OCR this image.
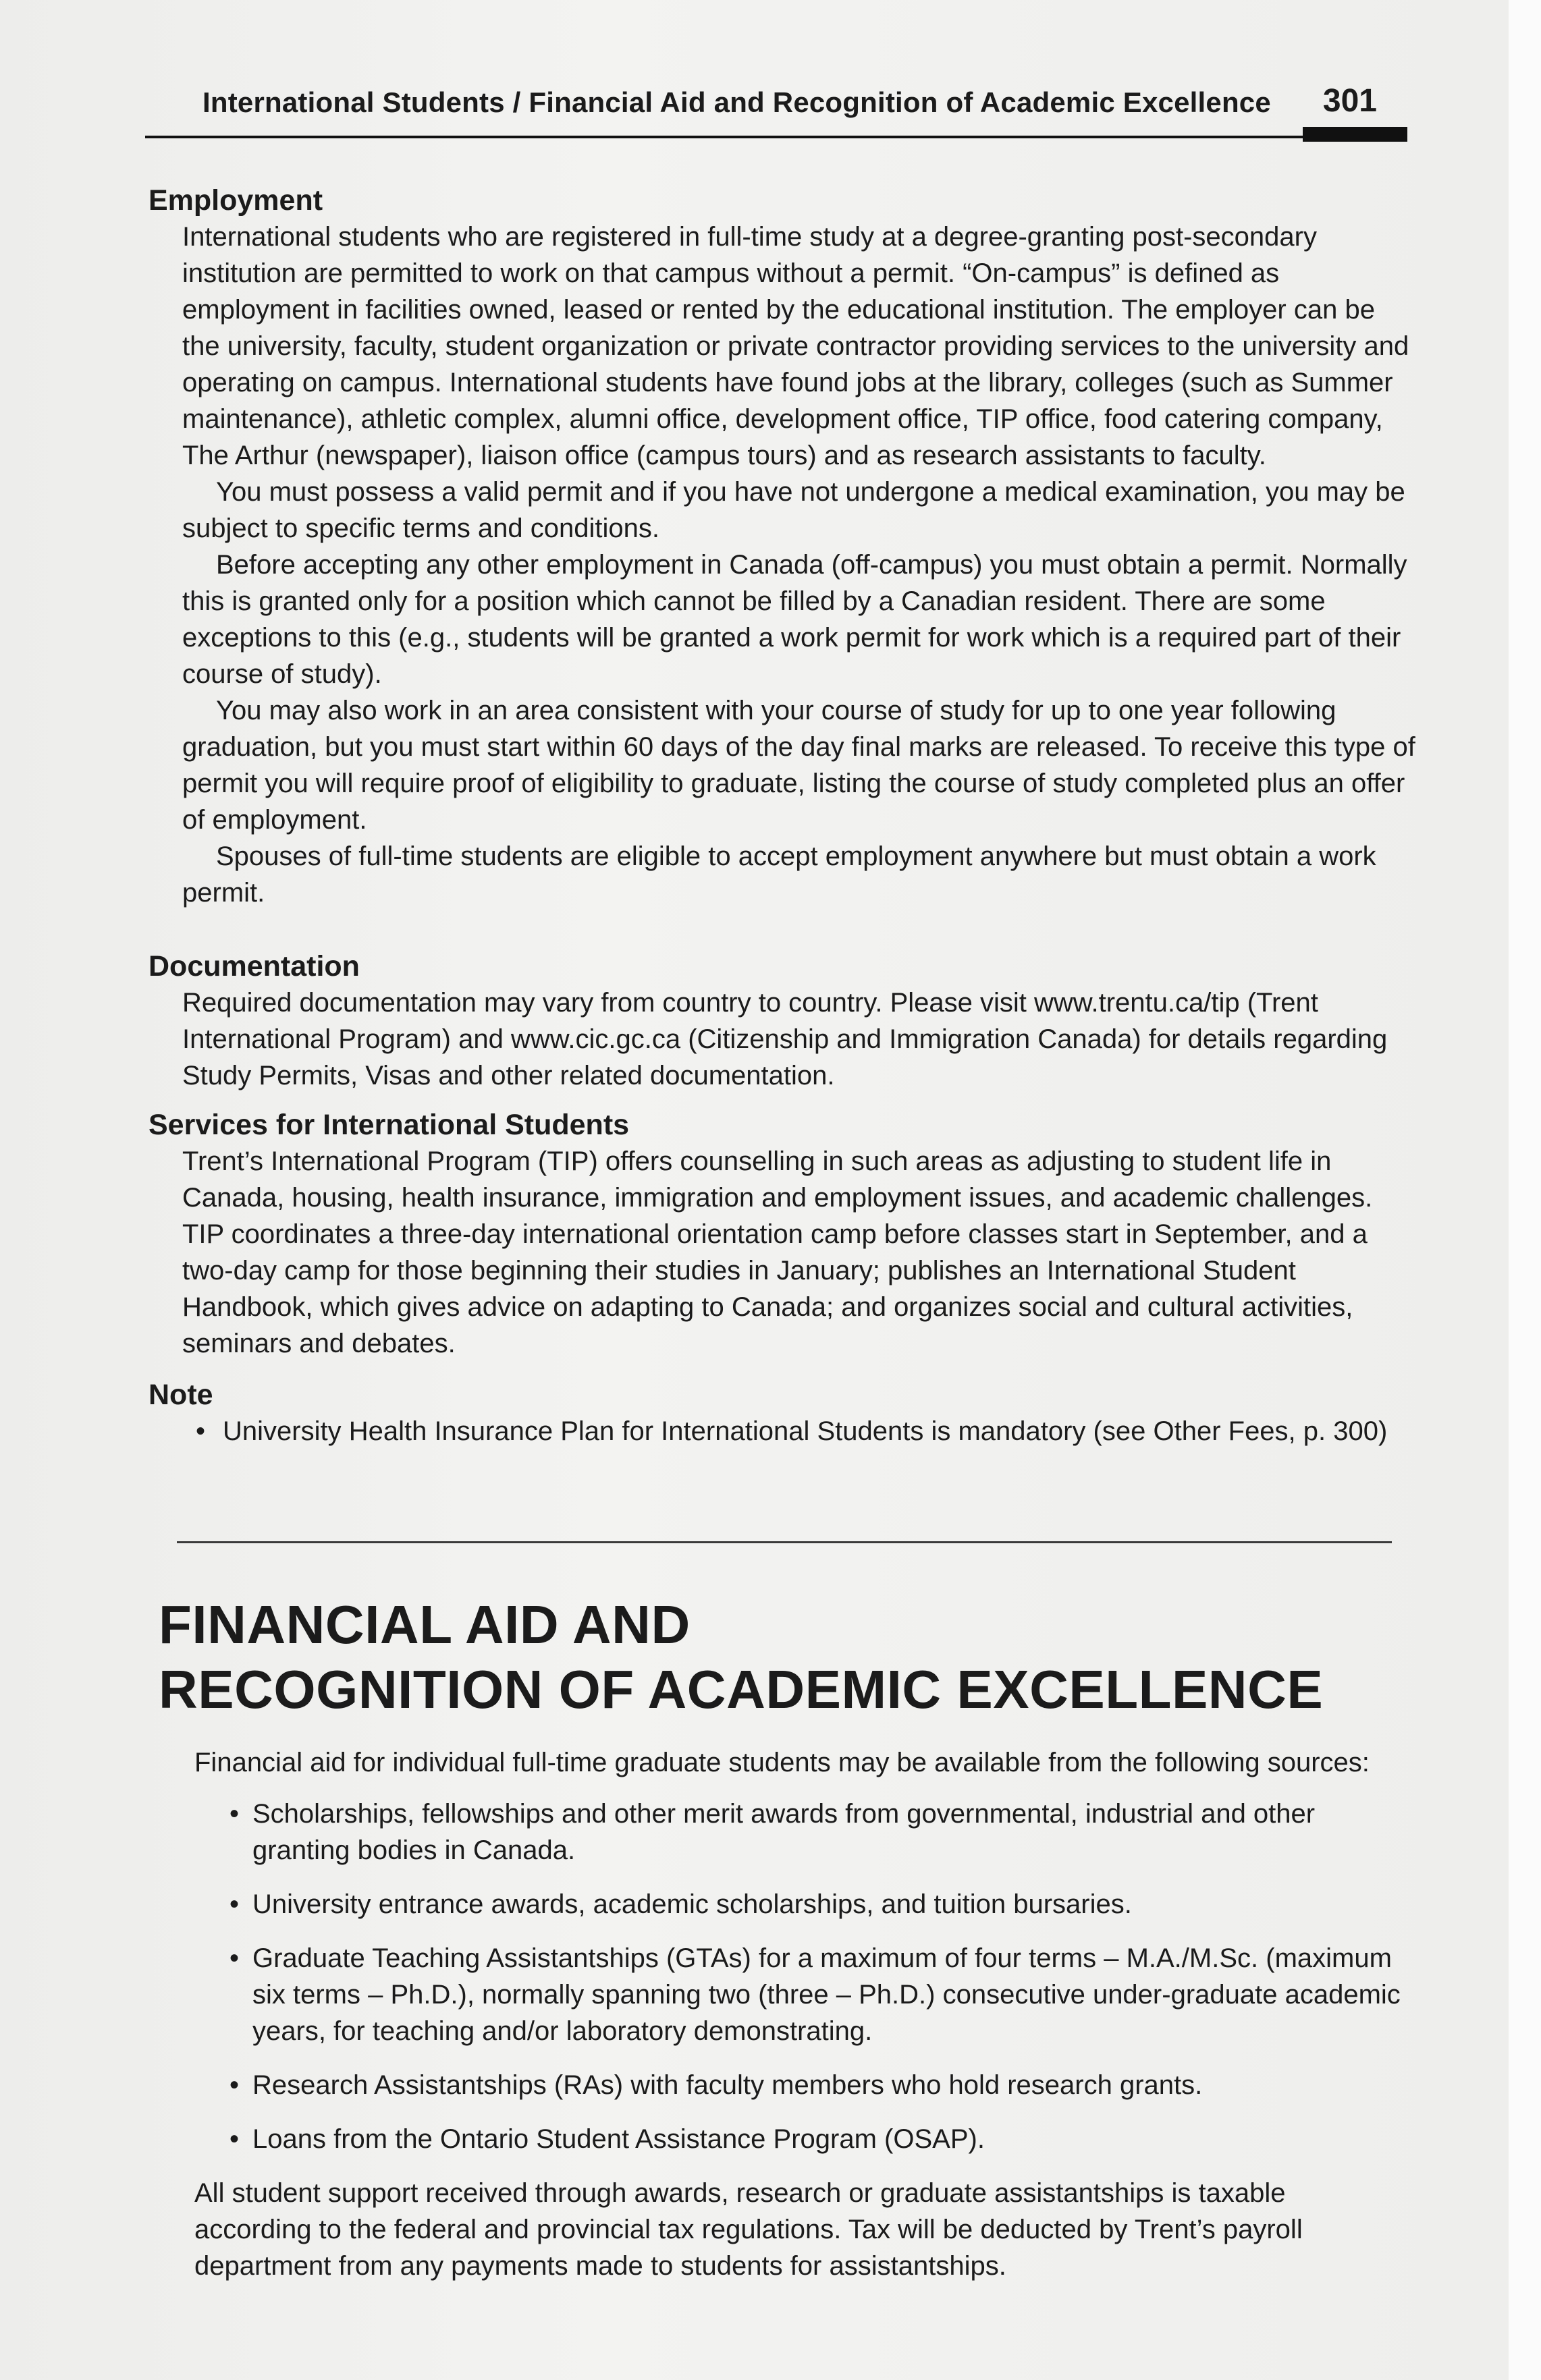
International Students / Financial Aid and Recognition of Academic Excellence 301
Employment

International students who are registered in full-time study at a degree-granting post-secondary institution are permitted to work on that campus without a permit. “On-campus” is defined as employment in facilities owned, leased or rented by the educational institution. The employer can be the university, faculty, student organization or private contractor providing services to the university and operating on campus. International students have found jobs at the library, colleges (such as Summer maintenance), athletic complex, alumni office, development office, TIP office, food catering company, The Arthur (newspaper), liaison office (campus tours) and as research assistants to faculty.

You must possess a valid permit and if you have not undergone a medical examination, you may be subject to specific terms and conditions.

Before accepting any other employment in Canada (off-campus) you must obtain a permit. Normally this is granted only for a position which cannot be filled by a Canadian resident. There are some exceptions to this (e.g., students will be granted a work permit for work which is a required part of their course of study).

You may also work in an area consistent with your course of study for up to one year following graduation, but you must start within 60 days of the day final marks are released. To receive this type of permit you will require proof of eligibility to graduate, listing the course of study completed plus an offer of employment.

Spouses of full-time students are eligible to accept employment anywhere but must obtain a work permit.

Documentation

Required documentation may vary from country to country. Please visit www.trentu.ca/tip (Trent International Program) and www.cic.gc.ca (Citizenship and Immigration Canada) for details regarding Study Permits, Visas and other related documentation.

Services for International Students

Trent’s International Program (TIP) offers counselling in such areas as adjusting to student life in Canada, housing, health insurance, immigration and employment issues, and academic challenges. TIP coordinates a three-day international orientation camp before classes start in September, and a two-day camp for those beginning their studies in January; publishes an International Student Handbook, which gives advice on adapting to Canada; and organizes social and cultural activities, seminars and debates.

Note
• University Health Insurance Plan for International Students is mandatory (see Other Fees, p. 300)
FINANCIAL AID AND
RECOGNITION OF ACADEMIC EXCELLENCE

Financial aid for individual full-time graduate students may be available from the following sources:

• Scholarships, fellowships and other merit awards from governmental, industrial and other granting bodies in Canada.
• University entrance awards, academic scholarships, and tuition bursaries.
• Graduate Teaching Assistantships (GTAs) for a maximum of four terms – M.A./M.Sc. (maximum six terms – Ph.D.), normally spanning two (three – Ph.D.) consecutive under-graduate academic years, for teaching and/or laboratory demonstrating.
• Research Assistantships (RAs) with faculty members who hold research grants.
• Loans from the Ontario Student Assistance Program (OSAP).

All student support received through awards, research or graduate assistantships is taxable according to the federal and provincial tax regulations. Tax will be deducted by Trent’s payroll department from any payments made to students for assistantships.
